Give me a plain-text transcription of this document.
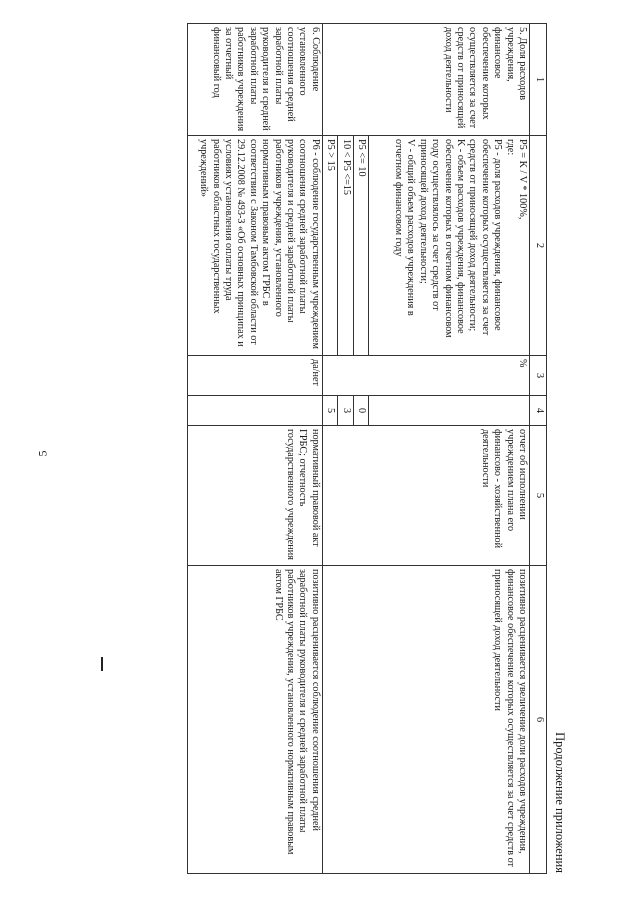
5
Продолжение приложения
1	2	3	4	5	6
5. Доля расходов учреждения, финансовое обеспечение которых осуществляется за счет средств от приносящей доход деятельности	P5 = K / V * 100%,

где:

P5 - доля расходов учреждения, финансовое обеспечение которых осуществляется за счет средств от приносящей доход деятельности;

K - объем расходов учреждения, финансовое обеспечение которых в отчетном финансовом году осуществлялось за счет средств от приносящей доход деятельности;

V - общий объем расходов учреждения в отчетном финансовом году	%		отчет об исполнении учреждением плана его финансово - хозяйственной деятельности	позитивно расценивается увеличение доли расходов учреждения, финансовое обеспечение которых осуществляется за счет средств от приносящей доход деятельности
	P5 <= 10		0		
	10 < P5 <=15		3		
	P5 > 15		5		
6. Соблюдение установленного соотношения средней заработной платы руководителя и средней заработной платы работников учреждения за отчетный финансовый год	P6 - соблюдение государственным учреждением соотношения средней заработной платы руководителя и средней заработной платы работников учреждения, установленного нормативным правовым актом ГРБС в соответствии с Законом Тамбовской области от 29.12.2008 № 493-З «Об основных принципах и условиях установления оплаты труда работников областных государственных учреждений»	да/нет		нормативный правовой акт ГРБС; отчетность государственного учреждения	позитивно расценивается соблюдение соотношения средней заработной платы руководителя и средней заработной платы работников учреждения, установленного нормативным правовым актом ГРБС
